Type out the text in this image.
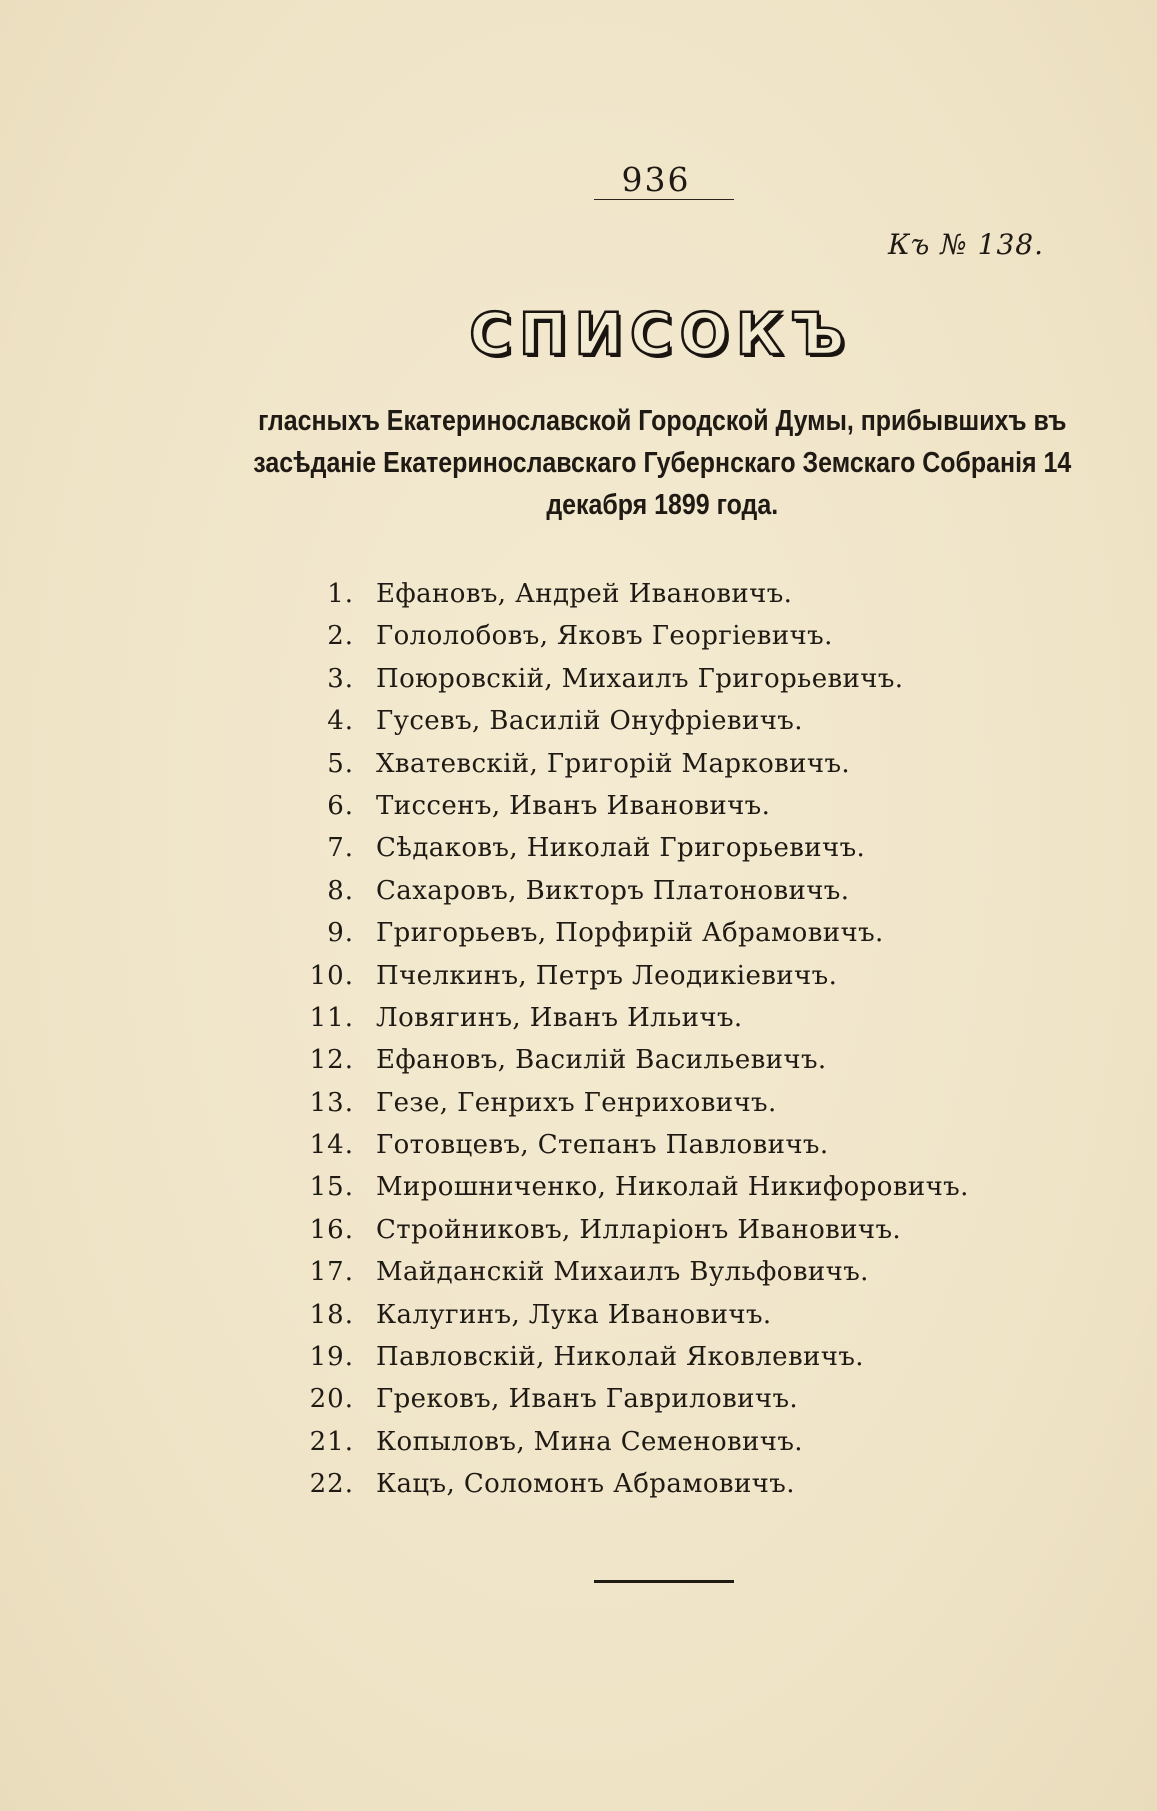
936
Къ № 138.
СПИСОКЪ
гласныхъ Екатеринославской Городской Думы, прибывшихъ въ засѣданіе Екатеринославскаго Губернскаго Земскаго Собранія 14 декабря 1899 года.
1. Ефановъ, Андрей Ивановичъ.
2. Гололобовъ, Яковъ Георгіевичъ.
3. Поюровскій, Михаилъ Григорьевичъ.
4. Гусевъ, Василій Онуфріевичъ.
5. Хватевскій, Григорій Марковичъ.
6. Тиссенъ, Иванъ Ивановичъ.
7. Сѣдаковъ, Николай Григорьевичъ.
8. Сахаровъ, Викторъ Платоновичъ.
9. Григорьевъ, Порфирій Абрамовичъ.
10. Пчелкинъ, Петръ Леодикіевичъ.
11. Ловягинъ, Иванъ Ильичъ.
12. Ефановъ, Василій Васильевичъ.
13. Гезе, Генрихъ Генриховичъ.
14. Готовцевъ, Степанъ Павловичъ.
15. Мирошниченко, Николай Никифоровичъ.
16. Стройниковъ, Илларіонъ Ивановичъ.
17. Майданскій Михаилъ Вульфовичъ.
18. Калугинъ, Лука Ивановичъ.
19. Павловскій, Николай Яковлевичъ.
20. Грековъ, Иванъ Гавриловичъ.
21. Копыловъ, Мина Семеновичъ.
22. Кацъ, Соломонъ Абрамовичъ.
